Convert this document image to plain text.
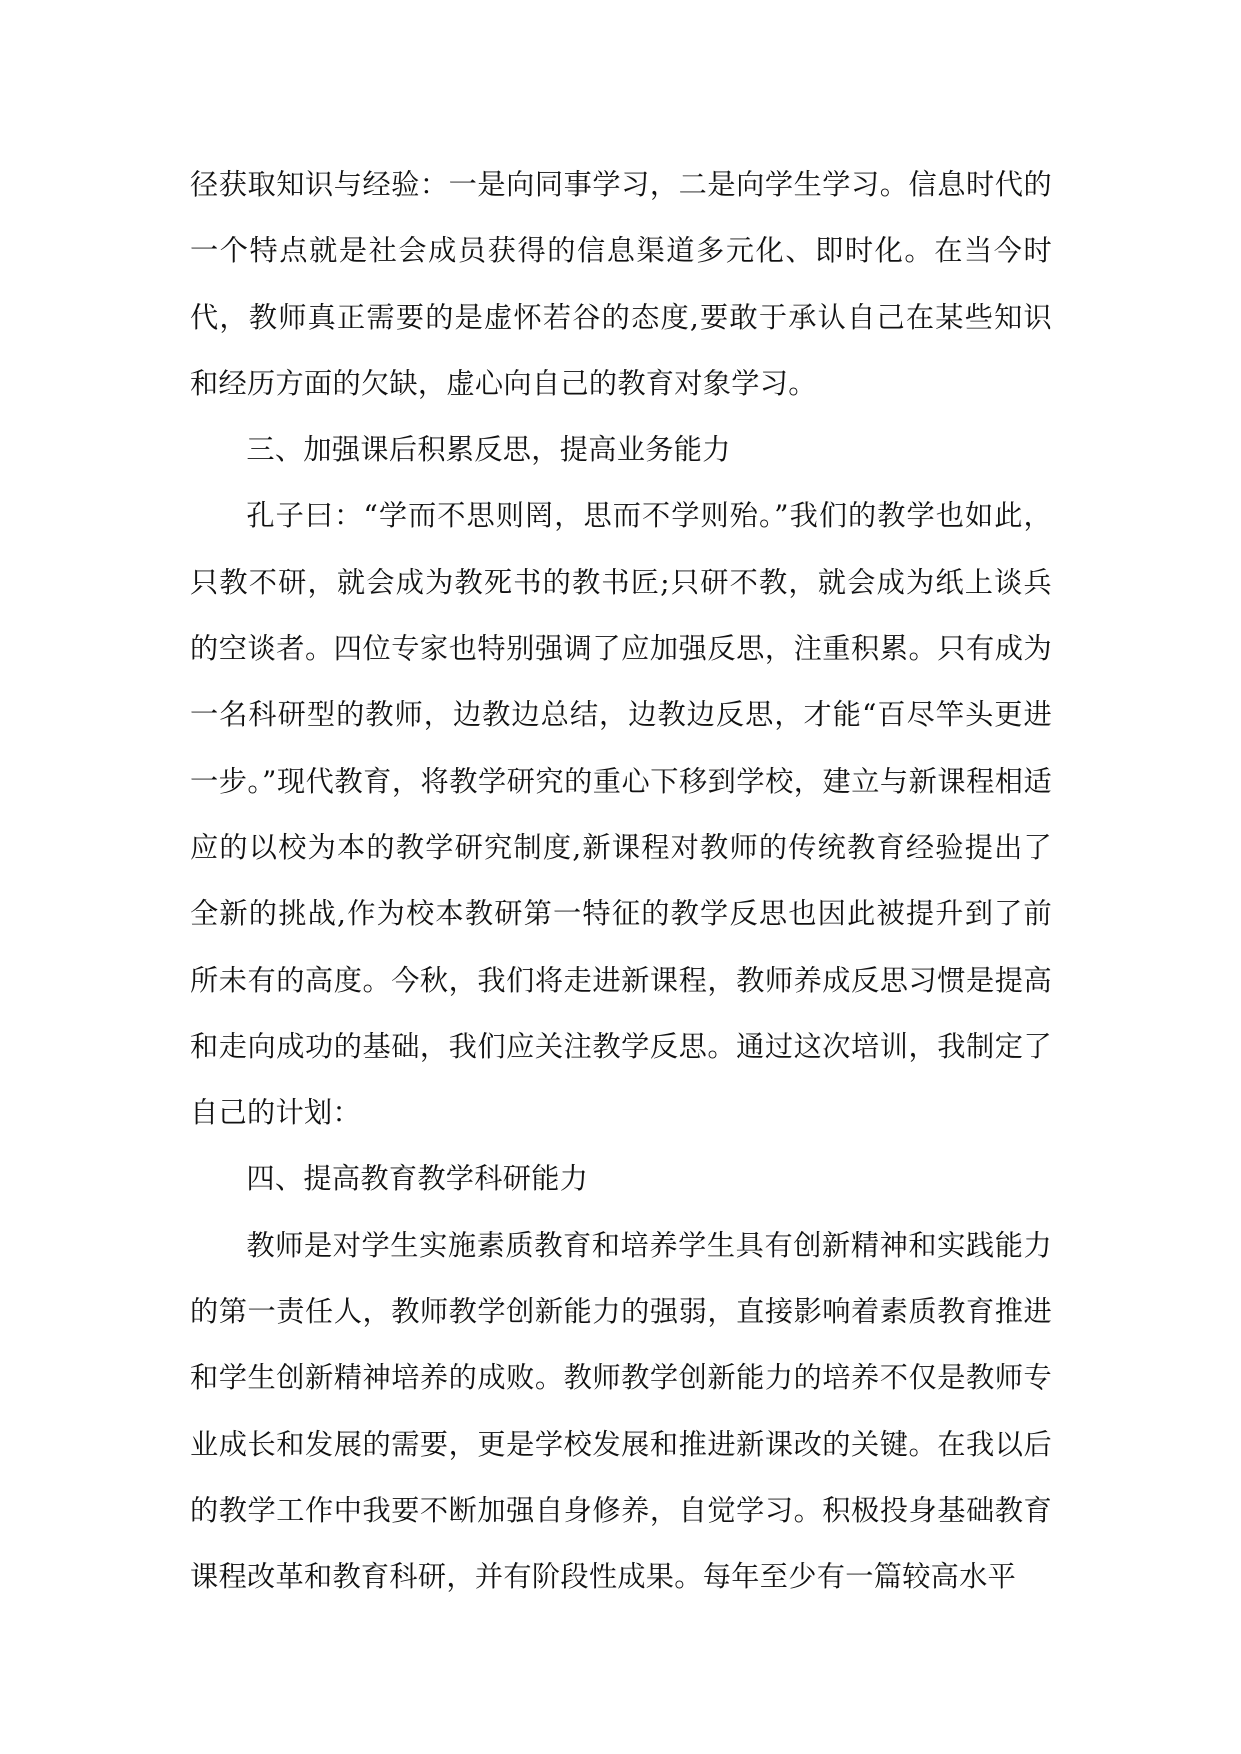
径获取知识与经验：一是向同事学习，二是向学生学习。信息时代的一个特点就是社会成员获得的信息渠道多元化、即时化。在当今时代，教师真正需要的是虚怀若谷的态度,要敢于承认自己在某些知识和经历方面的欠缺，虚心向自己的教育对象学习。

三、加强课后积累反思，提高业务能力

孔子曰：“学而不思则罔，思而不学则殆。”我们的教学也如此，只教不研，就会成为教死书的教书匠;只研不教，就会成为纸上谈兵的空谈者。四位专家也特别强调了应加强反思，注重积累。只有成为一名科研型的教师，边教边总结，边教边反思，才能“百尽竿头更进一步。”现代教育，将教学研究的重心下移到学校，建立与新课程相适应的以校为本的教学研究制度,新课程对教师的传统教育经验提出了全新的挑战,作为校本教研第一特征的教学反思也因此被提升到了前所未有的高度。今秋，我们将走进新课程，教师养成反思习惯是提高和走向成功的基础，我们应关注教学反思。通过这次培训，我制定了自己的计划：

四、提高教育教学科研能力

教师是对学生实施素质教育和培养学生具有创新精神和实践能力的第一责任人，教师教学创新能力的强弱，直接影响着素质教育推进和学生创新精神培养的成败。教师教学创新能力的培养不仅是教师专业成长和发展的需要，更是学校发展和推进新课改的关键。在我以后的教学工作中我要不断加强自身修养，自觉学习。积极投身基础教育课程改革和教育科研，并有阶段性成果。每年至少有一篇较高水平
